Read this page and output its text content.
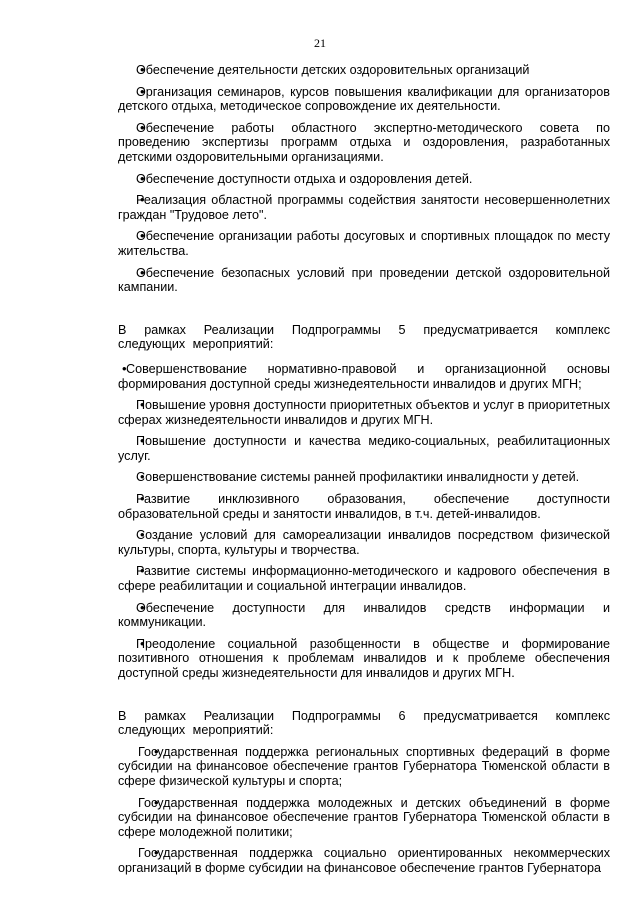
21

• Обеспечение деятельности детских оздоровительных организаций

• Организация семинаров, курсов повышения квалификации для организаторов детского отдыха, методическое сопровождение их деятельности.

• Обеспечение работы областного экспертно-методического совета по проведению экспертизы программ отдыха и оздоровления, разработанных детскими оздоровительными организациями.

• Обеспечение доступности отдыха и оздоровления детей.

• Реализация областной программы содействия занятости несовершеннолетних граждан "Трудовое лето".

• Обеспечение организации работы досуговых и спортивных площадок по месту жительства.

• Обеспечение безопасных условий при проведении детской оздоровительной кампании.

В рамках Реализации Подпрограммы 5 предусматривается комплекс следующих мероприятий:

• Совершенствование нормативно-правовой и организационной основы формирования доступной среды жизнедеятельности инвалидов и других МГН;

• Повышение уровня доступности приоритетных объектов и услуг в приоритетных сферах жизнедеятельности инвалидов и других МГН.

• Повышение доступности и качества медико-социальных, реабилитационных услуг.

• Совершенствование системы ранней профилактики инвалидности у детей.

• Развитие инклюзивного образования, обеспечение доступности образовательной среды и занятости инвалидов, в т.ч. детей-инвалидов.

• Создание условий для самореализации инвалидов посредством физической культуры, спорта, культуры и творчества.

• Развитие системы информационно-методического и кадрового обеспечения в сфере реабилитации и социальной интеграции инвалидов.

• Обеспечение доступности для инвалидов средств информации и коммуникации.

• Преодоление социальной разобщенности в обществе и формирование позитивного отношения к проблемам инвалидов и к проблеме обеспечения доступной среды жизнедеятельности для инвалидов и других МГН.

В рамках Реализации Подпрограммы 6 предусматривается комплекс следующих мероприятий:

• Государственная поддержка региональных спортивных федераций в форме субсидии на финансовое обеспечение грантов Губернатора Тюменской области в сфере физической культуры и спорта;

• Государственная поддержка молодежных и детских объединений в форме субсидии на финансовое обеспечение грантов Губернатора Тюменской области в сфере молодежной политики;

• Государственная поддержка социально ориентированных некоммерческих организаций в форме субсидии на финансовое обеспечение грантов Губернатора
